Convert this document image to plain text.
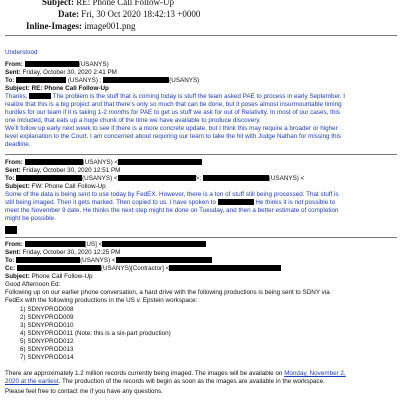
Subject: RE: Phone Call Follow-Up
Date: Fri, 30 Oct 2020 18:42:13 +0000
Inline-Images: image001.png
Understood
From:	(USANYS)
Sent: Friday, October 30, 2020 2:41 PM
To:	(USANYS) ;	(USANYS)
Subject: RE: Phone Call Follow-Up
Thanks,	The problem is the stuff that is coming today is stuff the team asked PAE to process in early September. I
realize that this is a big project and that there’s only so much that can be done, but it poses almost insurmountable timing
hurdles for our team if it is taking 1-2 months for PAE to get us stuff we ask for out of Relativity. In most of our cases, this
one included, that eats up a huge chunk of the time we have available to produce discovery.
We’ll follow up early next week to see if there is a more concrete update, but I think this may require a broader or higher
level explanation to the Court. I am concerned about requiring our team to take the hit with Judge Nathan for missing this
deadline.
From:	(USANYS) <
Sent: Friday, October 30, 2020 12:51 PM
To:	(USANYS) <	>;	(USANYS) <
Subject: FW: Phone Call Follow-Up
Some of the data is being sent to use today by FedEX. However, there is a ton of stuff still being processed. That stuff is
still being imaged. Then it gets marked. Then copied to us. I have spoken to	He thinks it is not possible to
meet the November 9 date. He thinks the next step might be done on Tuesday, and then a better estimate of completion
might be possible.
From:	[US] <
Sent: Friday, October 30, 2020 12:25 PM
To:	(USANYS) <
Cc:	(USANYS)[Contractor] <
Subject: Phone Call Follow-Up
Good Afternoon Ed:
Following up on our earlier phone conversation, a hard drive with the following productions is being sent to SDNY via
FedEx with the following productions in the US v. Epstein workspace:
1) SDNYPROD008
2) SDNYPROD009
3) SDNYPROD010
4) SDNYPROD011 (Note: this is a six-part production)
5) SDNYPROD012
6) SDNYPROD013
7) SDNYPROD014
There are approximately 1.2 million records currently being imaged. The images will be available on Monday, November 2,
2020 at the earliest. The production of the records will begin as soon as the images are available in the workspace.
Please feel free to contact me if you have any questions.
